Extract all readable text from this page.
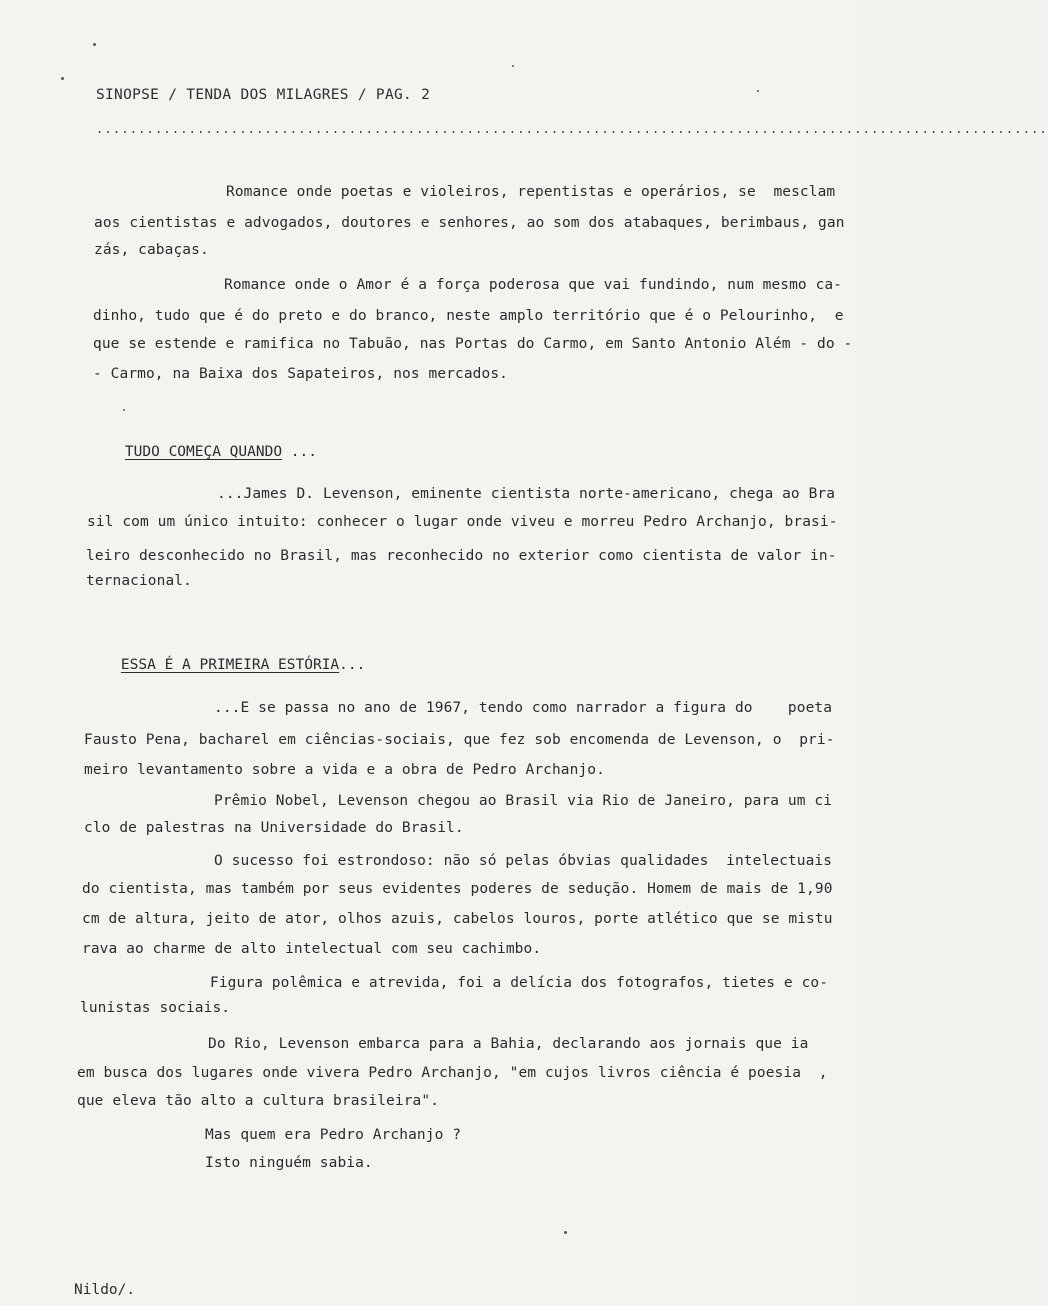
SINOPSE / TENDA DOS MILAGRES / PAG. 2
.................................................................................................................
Romance onde poetas e violeiros, repentistas e operários, se  mesclam
aos cientistas e advogados, doutores e senhores, ao som dos atabaques, berimbaus, gan
zás, cabaças.
Romance onde o Amor é a força poderosa que vai fundindo, num mesmo ca-
dinho, tudo que é do preto e do branco, neste amplo território que é o Pelourinho,  e
que se estende e ramifica no Tabuão, nas Portas do Carmo, em Santo Antonio Além - do -
- Carmo, na Baixa dos Sapateiros, nos mercados.

TUDO COMEÇA QUANDO ...

...James D. Levenson, eminente cientista norte-americano, chega ao Bra
sil com um único intuito: conhecer o lugar onde viveu e morreu Pedro Archanjo, brasi-
leiro desconhecido no Brasil, mas reconhecido no exterior como cientista de valor in-
ternacional.

ESSA É A PRIMEIRA ESTÓRIA...

...E se passa no ano de 1967, tendo como narrador a figura do    poeta
Fausto Pena, bacharel em ciências-sociais, que fez sob encomenda de Levenson, o  pri-
meiro levantamento sobre a vida e a obra de Pedro Archanjo.
Prêmio Nobel, Levenson chegou ao Brasil via Rio de Janeiro, para um ci
clo de palestras na Universidade do Brasil.
O sucesso foi estrondoso: não só pelas óbvias qualidades  intelectuais
do cientista, mas também por seus evidentes poderes de sedução. Homem de mais de 1,90
cm de altura, jeito de ator, olhos azuis, cabelos louros, porte atlético que se mistu
rava ao charme de alto intelectual com seu cachimbo.
Figura polêmica e atrevida, foi a delícia dos fotografos, tietes e co-
lunistas sociais.
Do Rio, Levenson embarca para a Bahia, declarando aos jornais que ia
em busca dos lugares onde vivera Pedro Archanjo, "em cujos livros ciência é poesia  ,
que eleva tão alto a cultura brasileira".
Mas quem era Pedro Archanjo ?
Isto ninguém sabia.
Nildo/.
